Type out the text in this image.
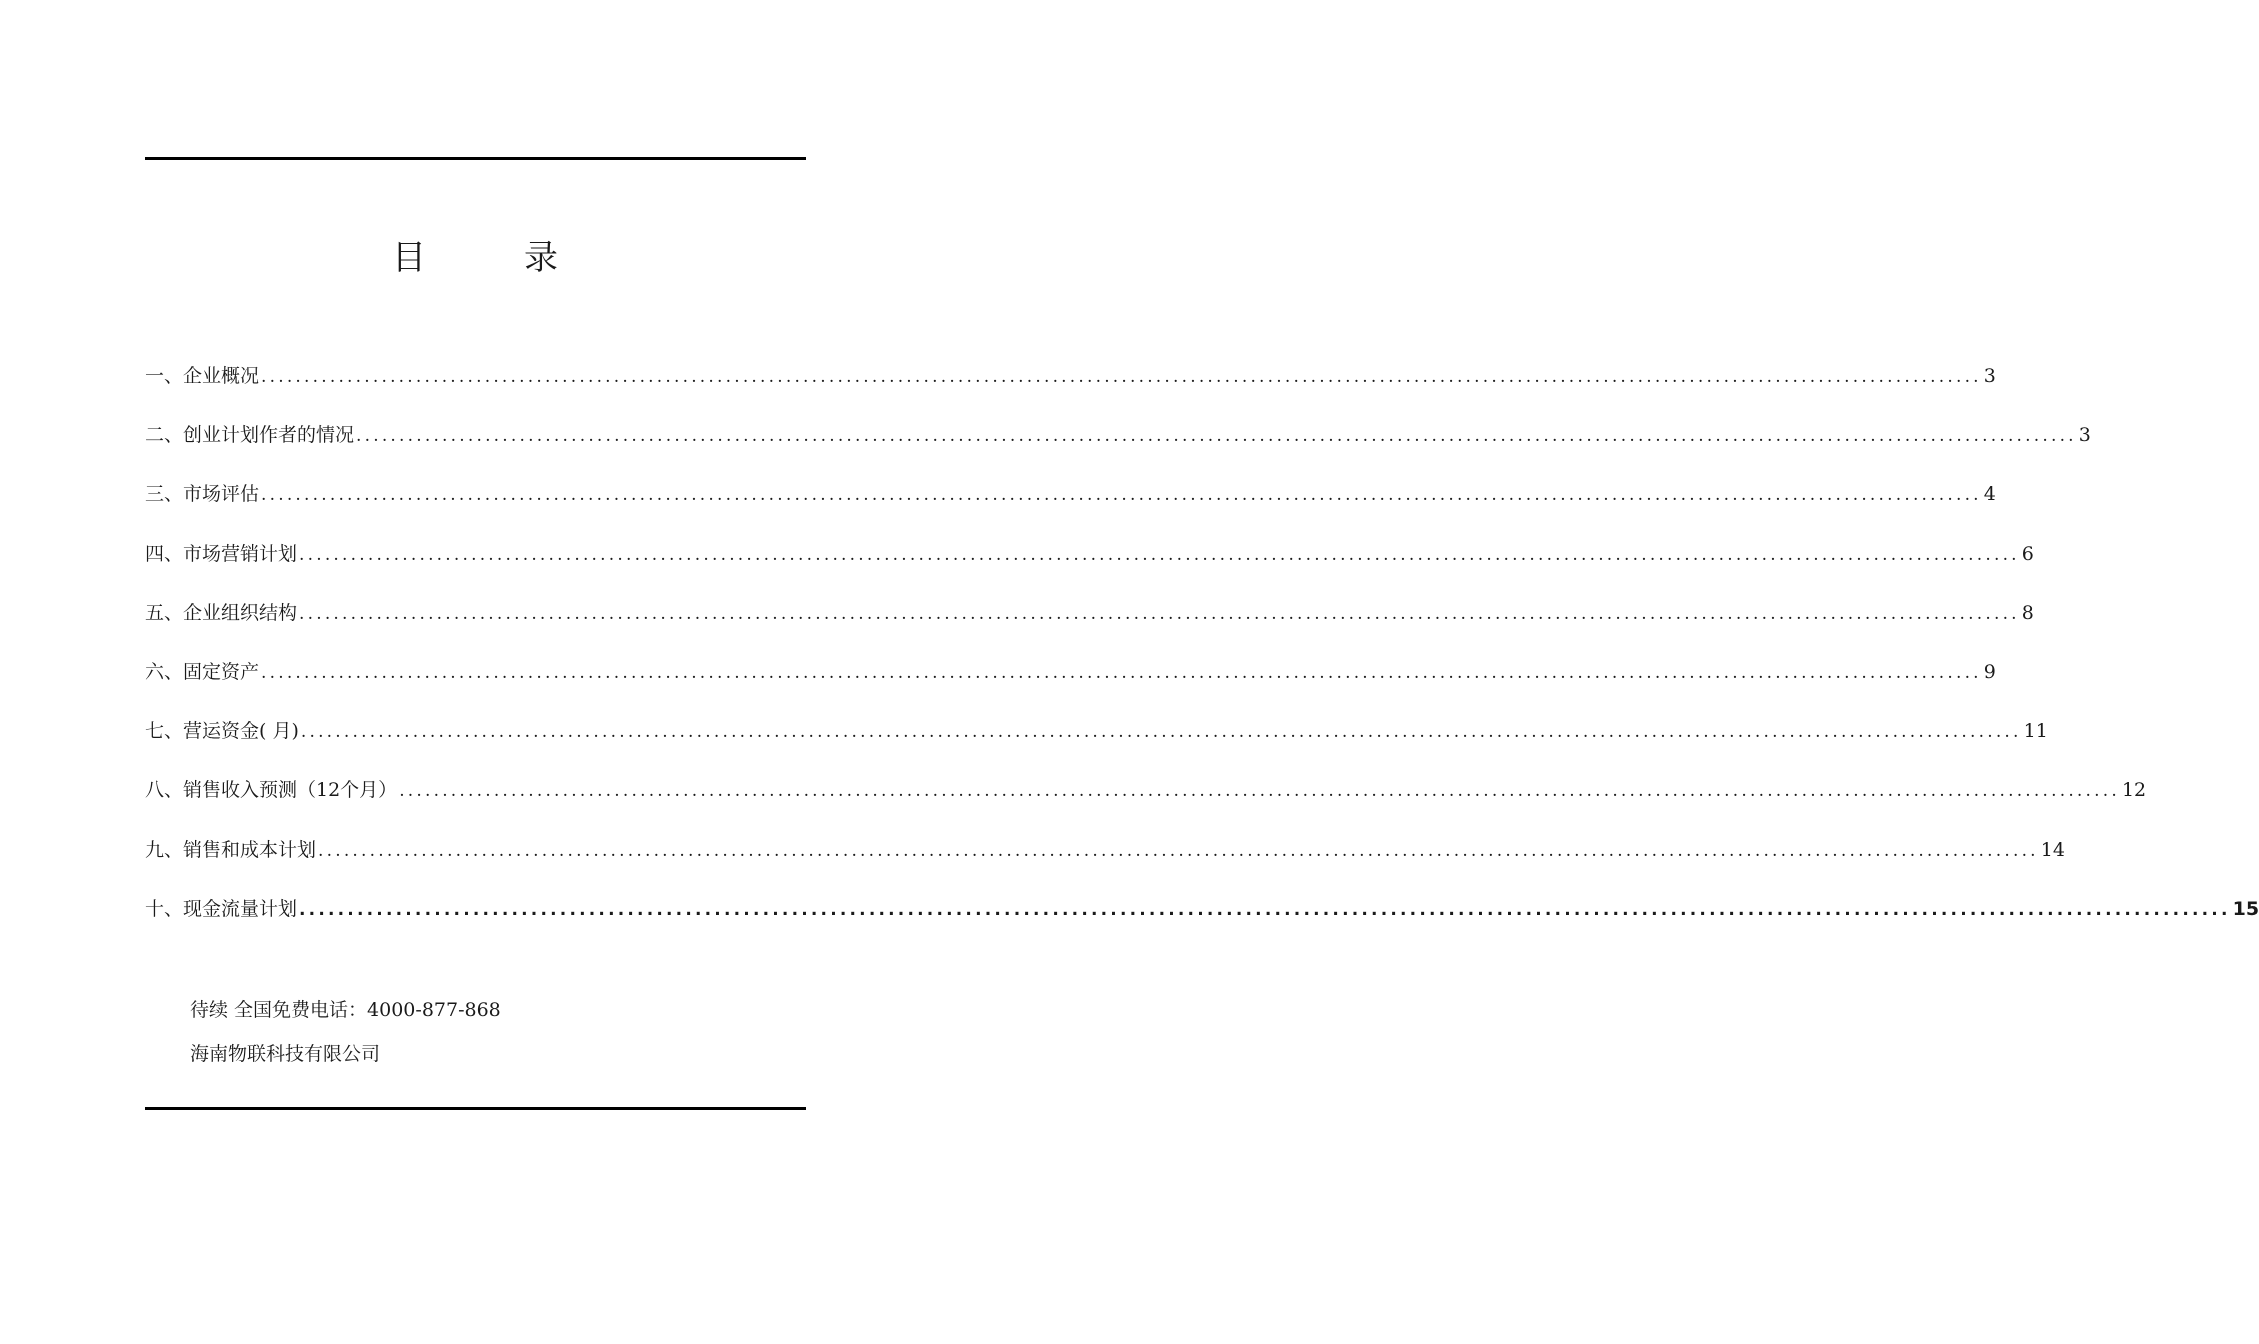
目　录
一、企业概况 ........................................................................................................................................................................................................ 3
二、创业计划作者的情况 ........................................................................................................................................................................................................ 3
三、市场评估 ........................................................................................................................................................................................................ 4
四、市场营销计划 ........................................................................................................................................................................................................ 6
五、企业组织结构 ........................................................................................................................................................................................................ 8
六、固定资产 ........................................................................................................................................................................................................ 9
七、营运资金( 月) ........................................................................................................................................................................................................ 11
八、销售收入预测（12个月） ........................................................................................................................................................................................................ 12
九、销售和成本计划 ........................................................................................................................................................................................................ 14
十、现金流量计划 ........................................................................................................................................................................................................ 15
待续 全国免费电话：4000-877-868
海南物联科技有限公司
